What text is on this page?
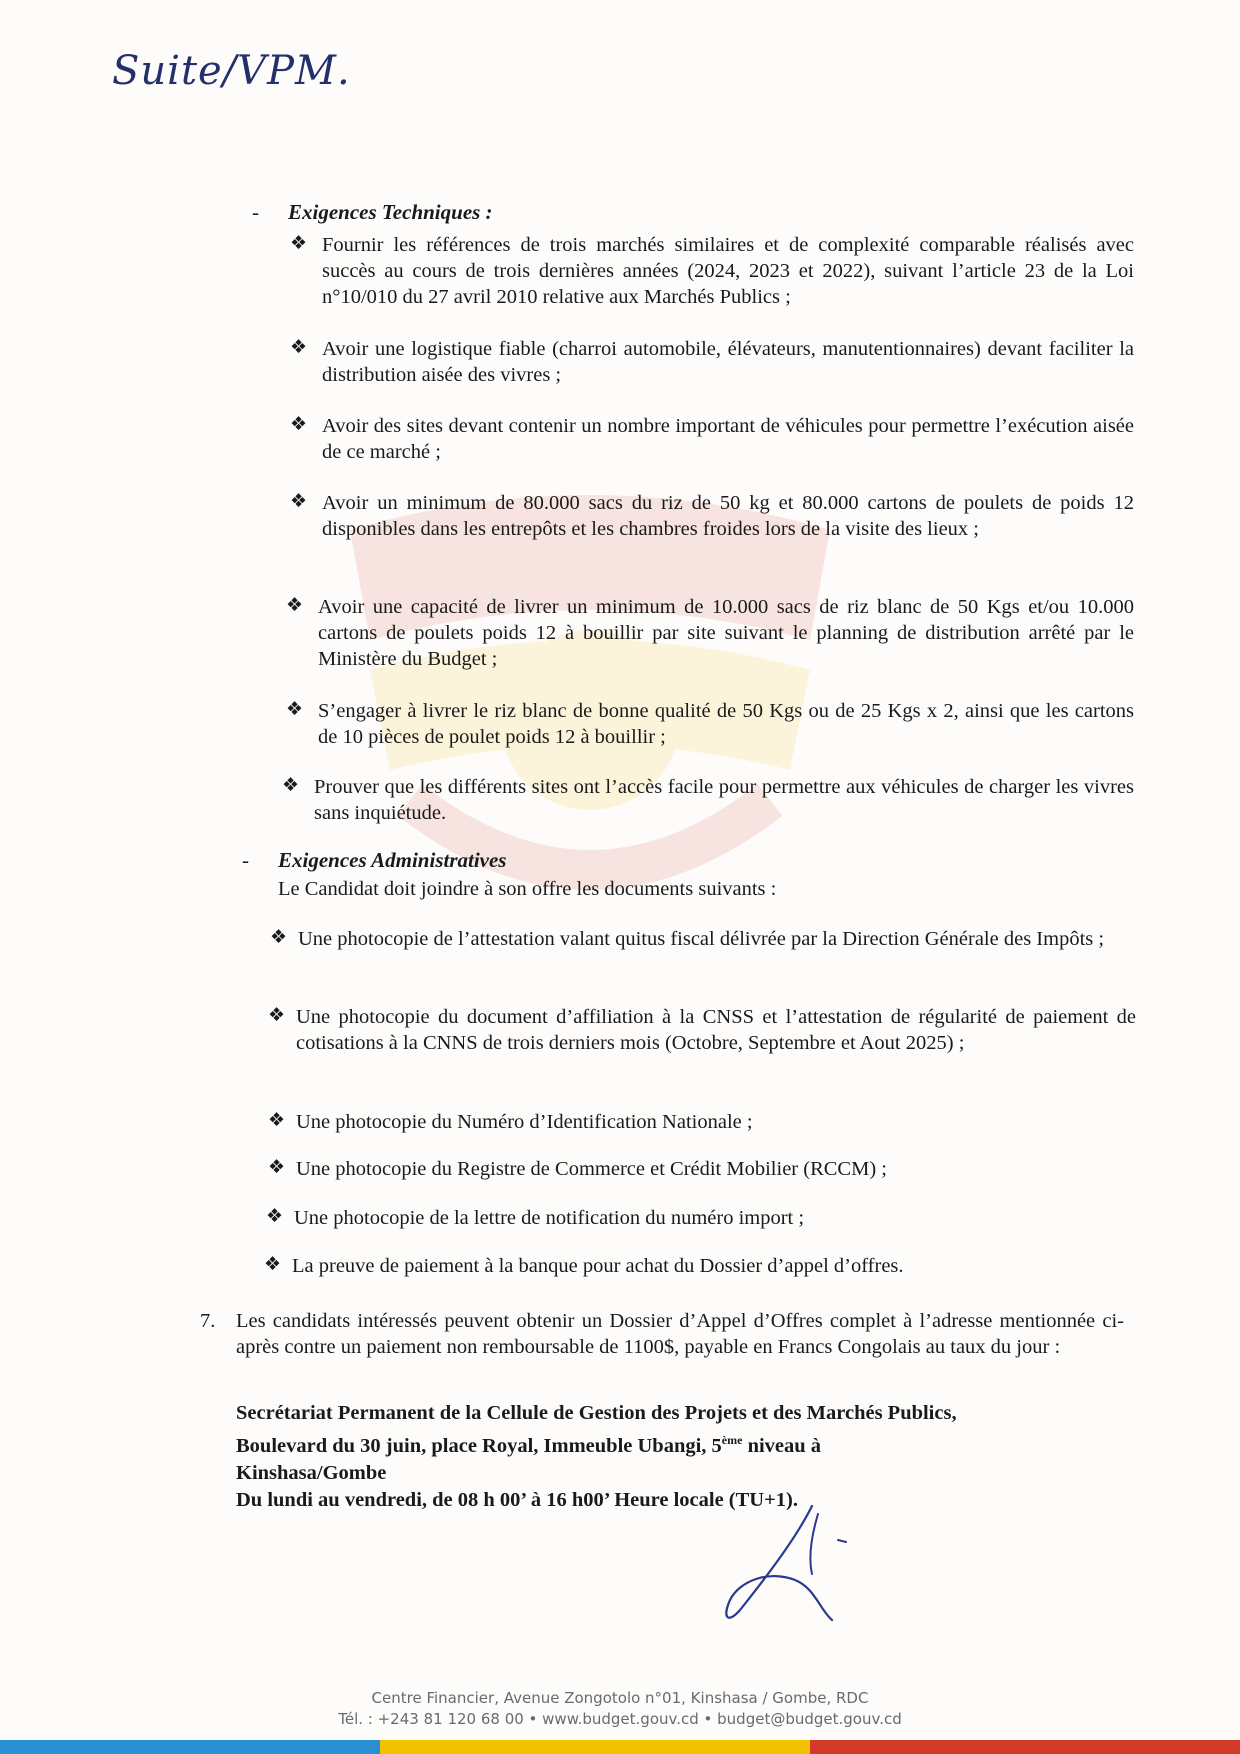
Suite/VPM.
- Exigences Techniques :
❖ Fournir les références de trois marchés similaires et de complexité comparable réalisés avec succès au cours de trois dernières années (2024, 2023 et 2022), suivant l’article 23 de la Loi n°10/010 du 27 avril 2010 relative aux Marchés Publics ;
❖ Avoir une logistique fiable (charroi automobile, élévateurs, manutentionnaires) devant faciliter la distribution aisée des vivres ;
❖ Avoir des sites devant contenir un nombre important de véhicules pour permettre l’exécution aisée de ce marché ;
❖ Avoir un minimum de 80.000 sacs du riz de 50 kg et 80.000 cartons de poulets de poids 12 disponibles dans les entrepôts et les chambres froides lors de la visite des lieux ;
❖ Avoir une capacité de livrer un minimum de 10.000 sacs de riz blanc de 50 Kgs et/ou 10.000 cartons de poulets poids 12 à bouillir par site suivant le planning de distribution arrêté par le Ministère du Budget ;
❖ S’engager à livrer le riz blanc de bonne qualité de 50 Kgs ou de 25 Kgs x 2, ainsi que les cartons de 10 pièces de poulet poids 12 à bouillir ;
❖ Prouver que les différents sites ont l’accès facile pour permettre aux véhicules de charger les vivres sans inquiétude.
- Exigences Administratives
Le Candidat doit joindre à son offre les documents suivants :
❖ Une photocopie de l’attestation valant quitus fiscal délivrée par la Direction Générale des Impôts ;
❖ Une photocopie du document d’affiliation à la CNSS et l’attestation de régularité de paiement de cotisations à la CNNS de trois derniers mois (Octobre, Septembre et Aout 2025) ;
❖ Une photocopie du Numéro d’Identification Nationale ;
❖ Une photocopie du Registre de Commerce et Crédit Mobilier (RCCM) ;
❖ Une photocopie de la lettre de notification du numéro import ;
❖ La preuve de paiement à la banque pour achat du Dossier d’appel d’offres.
7. Les candidats intéressés peuvent obtenir un Dossier d’Appel d’Offres complet à l’adresse mentionnée ci-après contre un paiement non remboursable de 1100$, payable en Francs Congolais au taux du jour :
Secrétariat Permanent de la Cellule de Gestion des Projets et des Marchés Publics,
Boulevard du 30 juin, place Royal, Immeuble Ubangi, 5ème niveau à
Kinshasa/Gombe
Du lundi au vendredi, de 08 h 00’ à 16 h00’ Heure locale (TU+1).
Centre Financier, Avenue Zongotolo n°01, Kinshasa / Gombe, RDC
Tél. : +243 81 120 68 00 • www.budget.gouv.cd • budget@budget.gouv.cd
